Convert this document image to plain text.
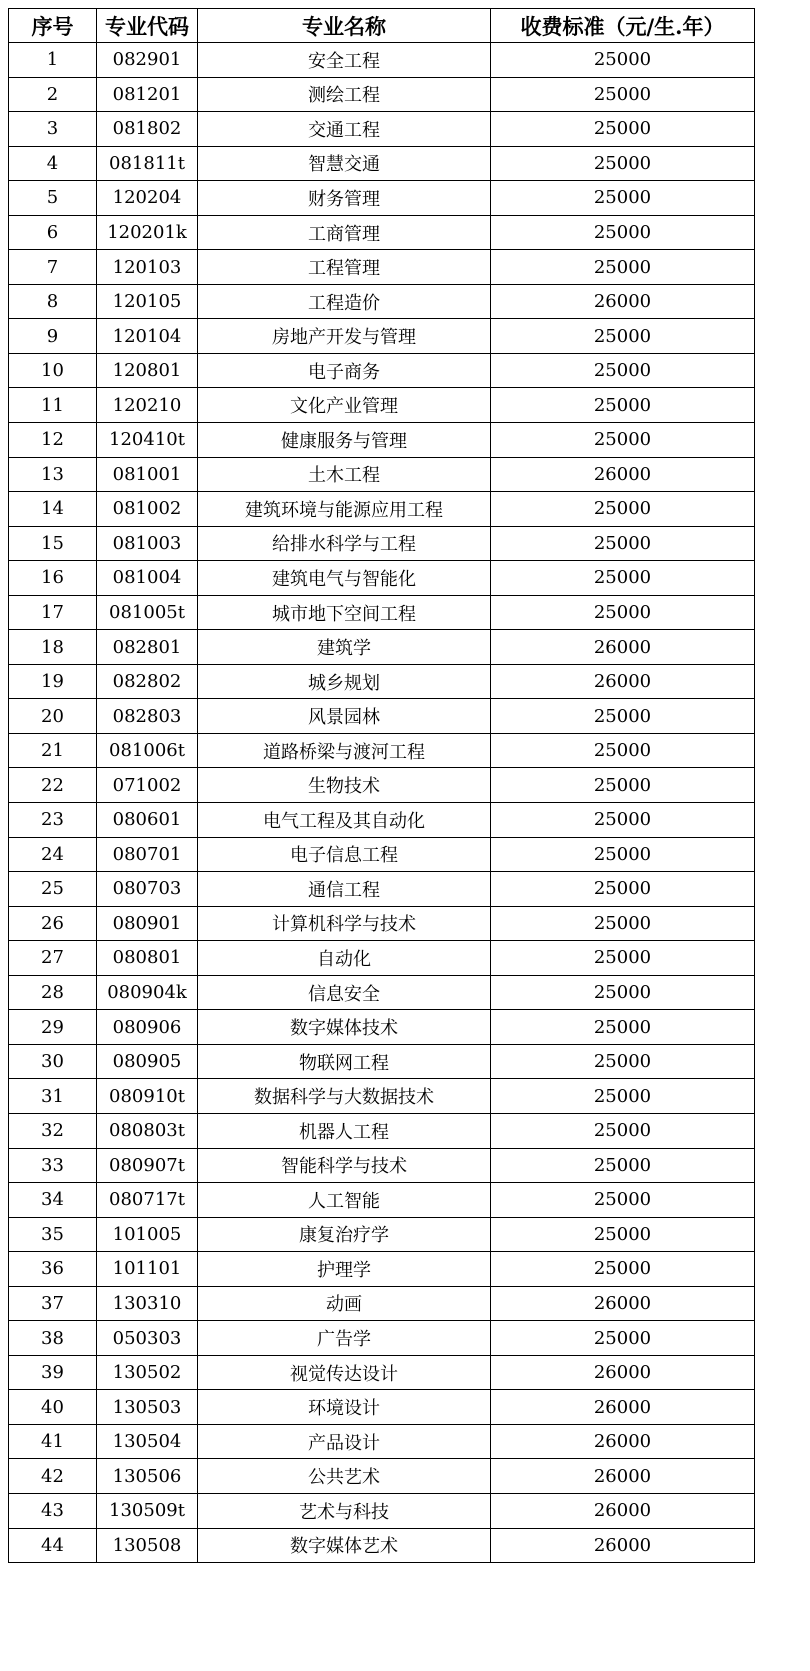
序号	专业代码	专业名称	收费标准（元/生.年）
1	082901	安全工程	25000
2	081201	测绘工程	25000
3	081802	交通工程	25000
4	081811t	智慧交通	25000
5	120204	财务管理	25000
6	120201k	工商管理	25000
7	120103	工程管理	25000
8	120105	工程造价	26000
9	120104	房地产开发与管理	25000
10	120801	电子商务	25000
11	120210	文化产业管理	25000
12	120410t	健康服务与管理	25000
13	081001	土木工程	26000
14	081002	建筑环境与能源应用工程	25000
15	081003	给排水科学与工程	25000
16	081004	建筑电气与智能化	25000
17	081005t	城市地下空间工程	25000
18	082801	建筑学	26000
19	082802	城乡规划	26000
20	082803	风景园林	25000
21	081006t	道路桥梁与渡河工程	25000
22	071002	生物技术	25000
23	080601	电气工程及其自动化	25000
24	080701	电子信息工程	25000
25	080703	通信工程	25000
26	080901	计算机科学与技术	25000
27	080801	自动化	25000
28	080904k	信息安全	25000
29	080906	数字媒体技术	25000
30	080905	物联网工程	25000
31	080910t	数据科学与大数据技术	25000
32	080803t	机器人工程	25000
33	080907t	智能科学与技术	25000
34	080717t	人工智能	25000
35	101005	康复治疗学	25000
36	101101	护理学	25000
37	130310	动画	26000
38	050303	广告学	25000
39	130502	视觉传达设计	26000
40	130503	环境设计	26000
41	130504	产品设计	26000
42	130506	公共艺术	26000
43	130509t	艺术与科技	26000
44	130508	数字媒体艺术	26000
